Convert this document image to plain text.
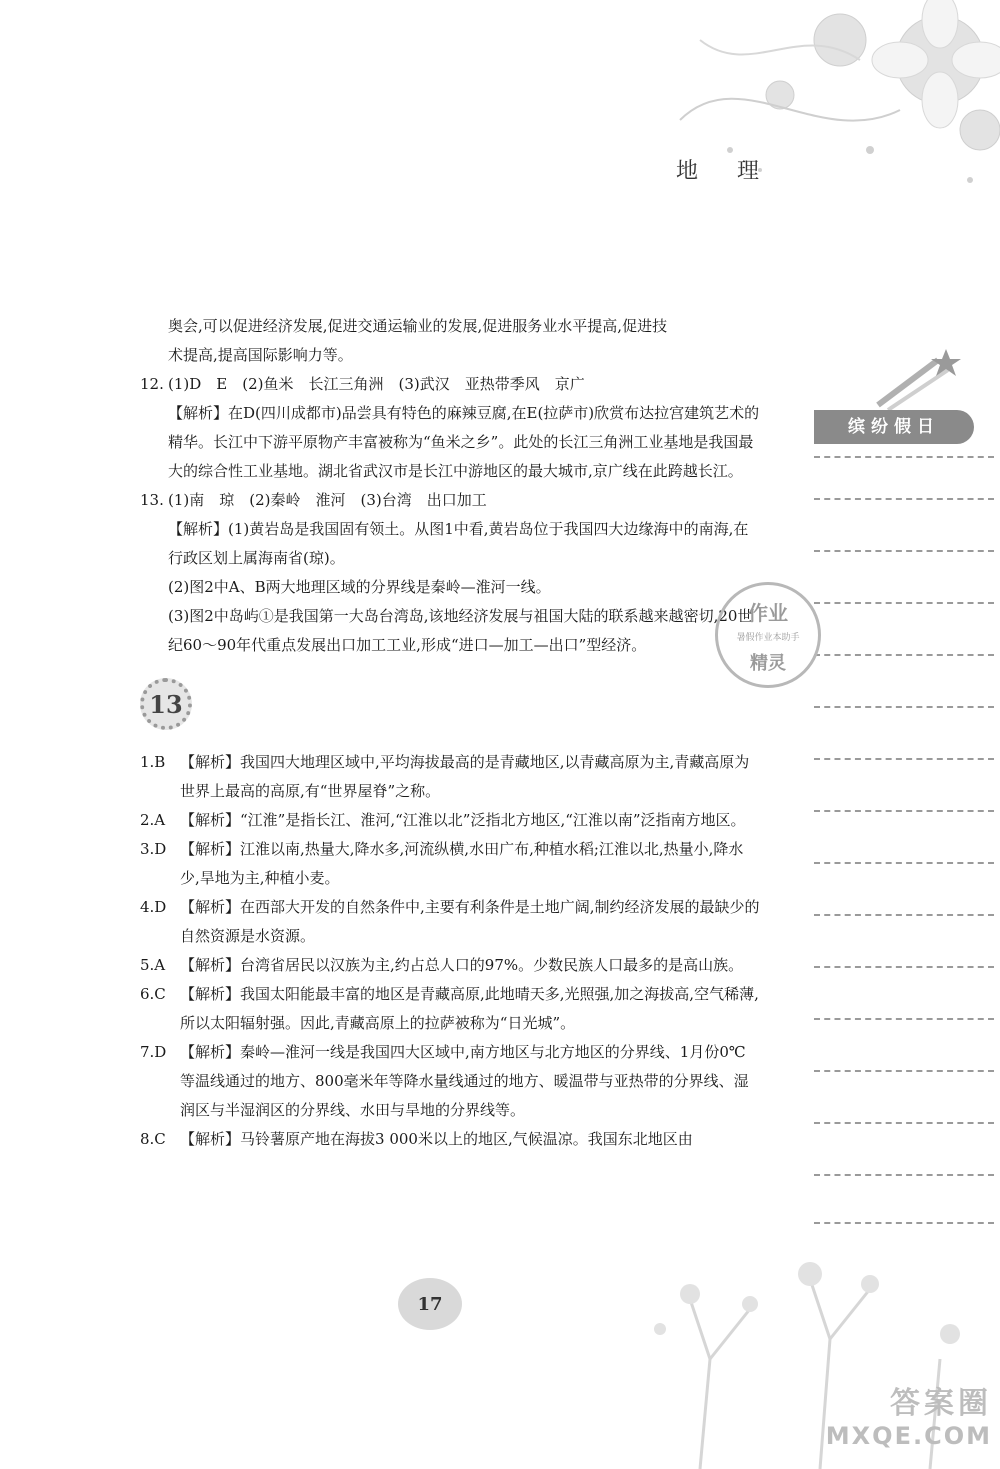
地 理
缤纷假日

奥会,可以促进经济发展,促进交通运输业的发展,促进服务业水平提高,促进技

术提高,提高国际影响力等。

12. (1)D　E　(2)鱼米　长江三角洲　(3)武汉　亚热带季风　京广

【解析】在D(四川成都市)品尝具有特色的麻辣豆腐,在E(拉萨市)欣赏布达拉宫建筑艺术的精华。长江中下游平原物产丰富被称为“鱼米之乡”。此处的长江三角洲工业基地是我国最大的综合性工业基地。湖北省武汉市是长江中游地区的最大城市,京广线在此跨越长江。

13. (1)南　琼　(2)秦岭　淮河　(3)台湾　出口加工

【解析】(1)黄岩岛是我国固有领土。从图1中看,黄岩岛位于我国四大边缘海中的南海,在行政区划上属海南省(琼)。

(2)图2中A、B两大地理区域的分界线是秦岭—淮河一线。

(3)图2中岛屿①是我国第一大岛台湾岛,该地经济发展与祖国大陆的联系越来越密切,20世纪60～90年代重点发展出口加工工业,形成“进口—加工—出口”型经济。

13
1.B 【解析】我国四大地理区域中,平均海拔最高的是青藏地区,以青藏高原为主,青藏高原为世界上最高的高原,有“世界屋脊”之称。
2.A 【解析】“江淮”是指长江、淮河,“江淮以北”泛指北方地区,“江淮以南”泛指南方地区。
3.D 【解析】江淮以南,热量大,降水多,河流纵横,水田广布,种植水稻;江淮以北,热量小,降水少,旱地为主,种植小麦。
4.D 【解析】在西部大开发的自然条件中,主要有利条件是土地广阔,制约经济发展的最缺少的自然资源是水资源。
5.A 【解析】台湾省居民以汉族为主,约占总人口的97%。少数民族人口最多的是高山族。
6.C 【解析】我国太阳能最丰富的地区是青藏高原,此地晴天多,光照强,加之海拔高,空气稀薄,所以太阳辐射强。因此,青藏高原上的拉萨被称为“日光城”。
7.D 【解析】秦岭—淮河一线是我国四大区域中,南方地区与北方地区的分界线、1月份0℃等温线通过的地方、800毫米年等降水量线通过的地方、暖温带与亚热带的分界线、湿润区与半湿润区的分界线、水田与旱地的分界线等。
8.C 【解析】马铃薯原产地在海拔3 000米以上的地区,气候温凉。我国东北地区由
作业
暑假作业本助手
精灵
17
答案圈
MXQE.COM
